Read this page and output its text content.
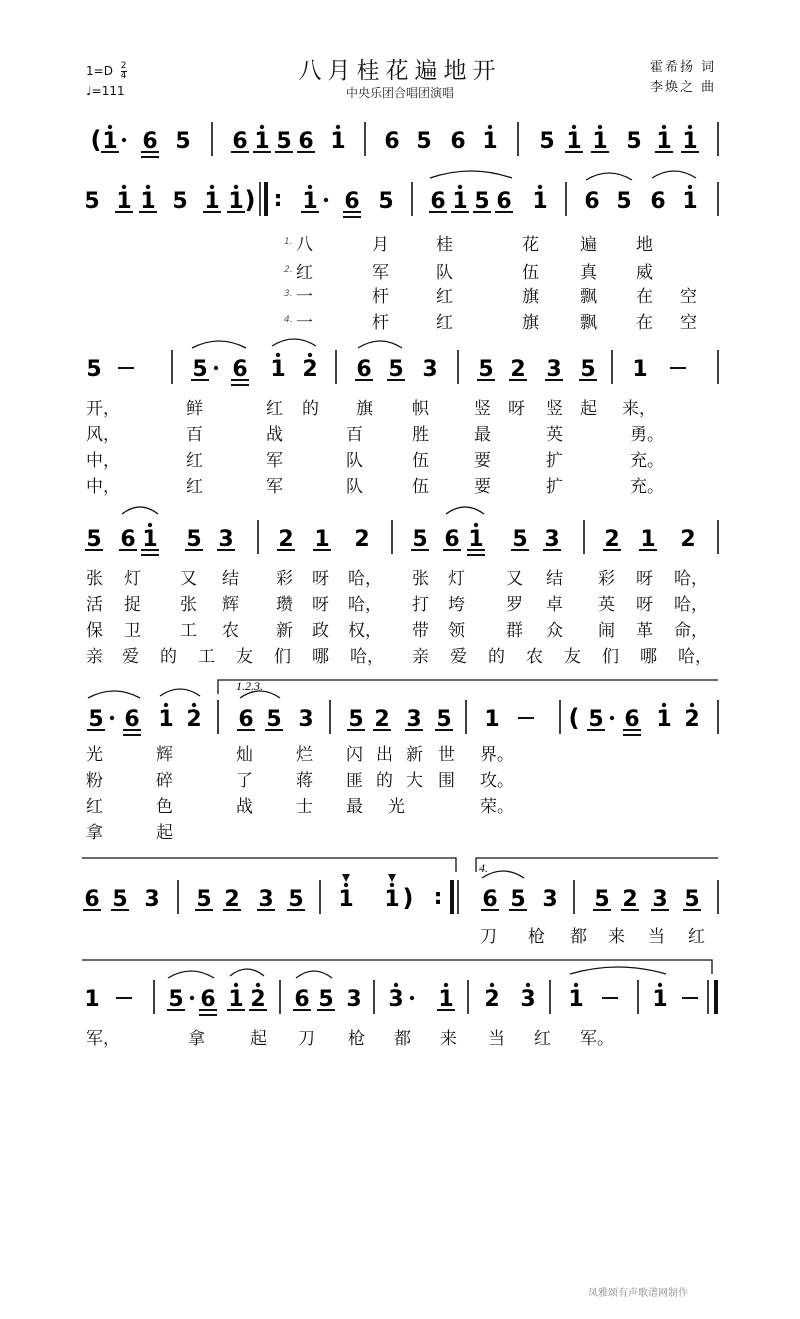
$1=D \frac{2}{4}$
♩=111
八月桂花遍地开
中央乐团合唱团演唱
霍希扬 词
李焕之 曲
( 1 6 5 6 1 5 6 1 6 5 6 1 5 1 1 5 1 1
5 1 1 5 1 1 ) : 1 6 5 6 1 5 6 1 6 5 6 1
5	5 6 1 2 6 5 3 5 2 3 5 1
5 6 1 5 3 2 1 2 5 6 1 5 3 2 1 2
5 6 1 2 6 5 3 5 2 3 5 1	( 5 6 1 2
6 5 3 5 2 3 5 1 1 ) : 6 5 3 5 2 3 5
1	5 6 1 2 6 5 3 3 1 2 3 1	1
1.2.3.
4.
1. 八	月	桂	花 遍 地
2. 红	军	队	伍 真 威
3. 一	杆	红	旗 飘 在 空
4. 一	杆	红	旗 飘 在 空
开，	鲜	红 的 旗 帜	竖 呀 竖 起 来，
风，	百	战	百	胜	最	英	勇。
中，	红	军	队	伍	要	扩	充。
中，	红	军	队	伍	要	扩	充。
张 灯 又 结 彩 呀 哈， 张 灯 又 结 彩 呀 哈，
活 捉 张 辉 瓒 呀 哈， 打 垮 罗 卓 英 呀 哈，
保 卫 工 农 新 政 权， 带 领 群 众 闹 革 命，
亲 爱 的 工 友 们 哪 哈， 亲 爱 的 农 友 们 哪 哈，
光	辉	灿	烂 闪 出 新 世 界。
粉	碎	了	蒋 匪 的 大 围 攻。
红	色	战	士 最 光	荣。
拿	起
刀 枪 都 来 当 红
军，	拿	起 刀 枪 都 来 当 红 军。
凤雅颂有声歌谱网制作
